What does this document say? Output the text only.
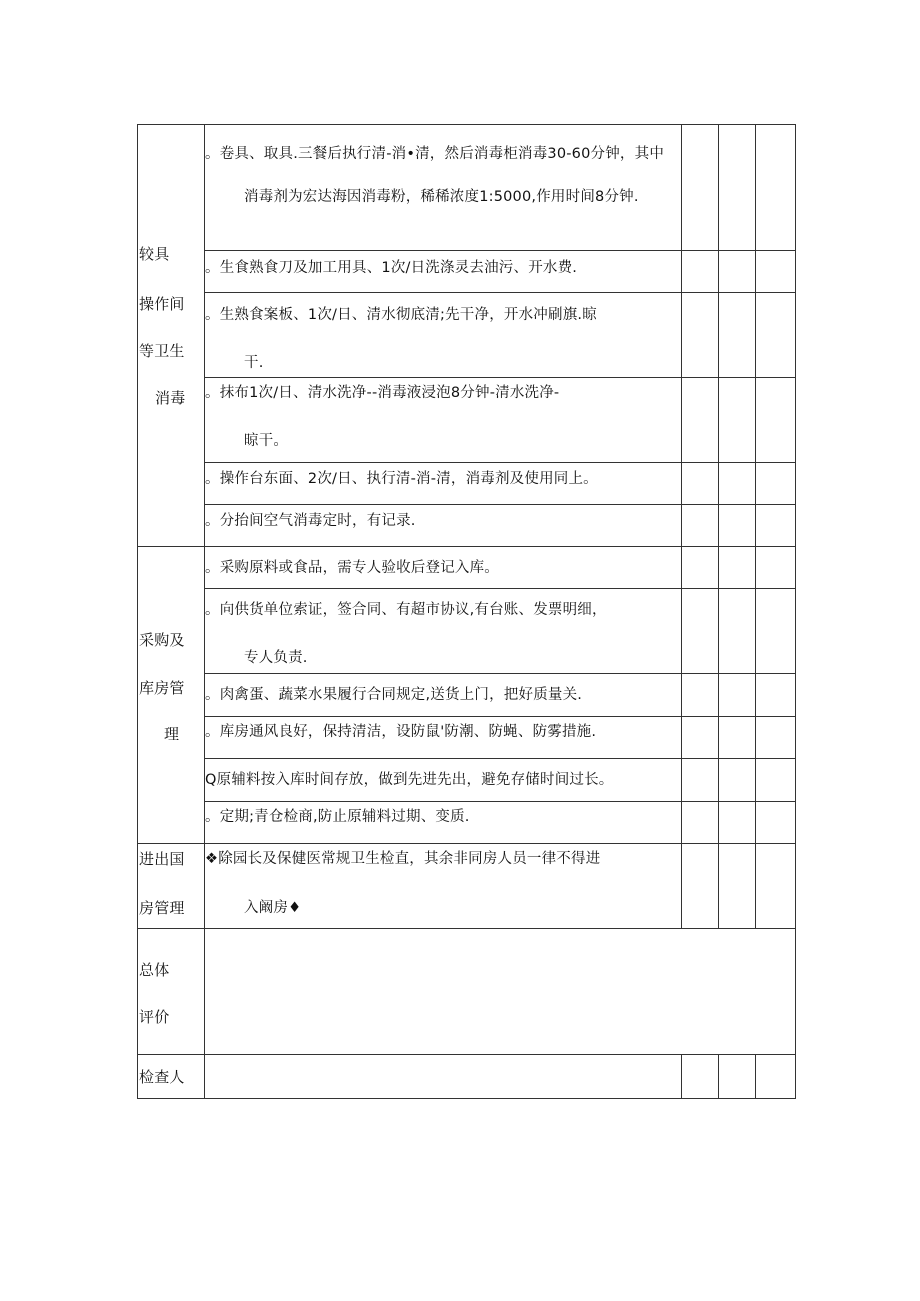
较具
操作间
等卫生
消毒
。卷具、取具.三餐后执行清-消•清，然后消毒柜消毒30-60分钟，其中
消毒剂为宏达海因消毒粉，稀稀浓度1:5000,作用时间8分钟.
。生食熟食刀及加工用具、1次/日洗涤灵去油污、开水费.
。生熟食案板、1次/日、清水彻底清;先干净，开水冲刷旗.晾
干.
。抹布1次/日、清水洗净--消毒液浸泡8分钟-清水洗净-
晾干。
。操作台东面、2次/日、执行清-消-清，消毒剂及使用同上。
。分抬间空气消毒定时，有记录.
采购及
库房管
理
。采购原料或食品，需专人验收后登记入库。
。向供货单位索证，签合同、有超市协议,有台账、发票明细，
专人负责.
。肉禽蛋、蔬菜水果履行合同规定,送货上门，把好质量关.
。库房通风良好，保持清洁，设防鼠'防潮、防蝇、防雾措施.
Q原辅料按入库时间存放，做到先进先出，避免存储时间过长。
。定期;青仓检商,防止原辅料过期、变质.
进出国
房管理
❖除园长及保健医常规卫生检直，其余非同房人员一律不得进
入阚房♦
总体
评价
检查人
